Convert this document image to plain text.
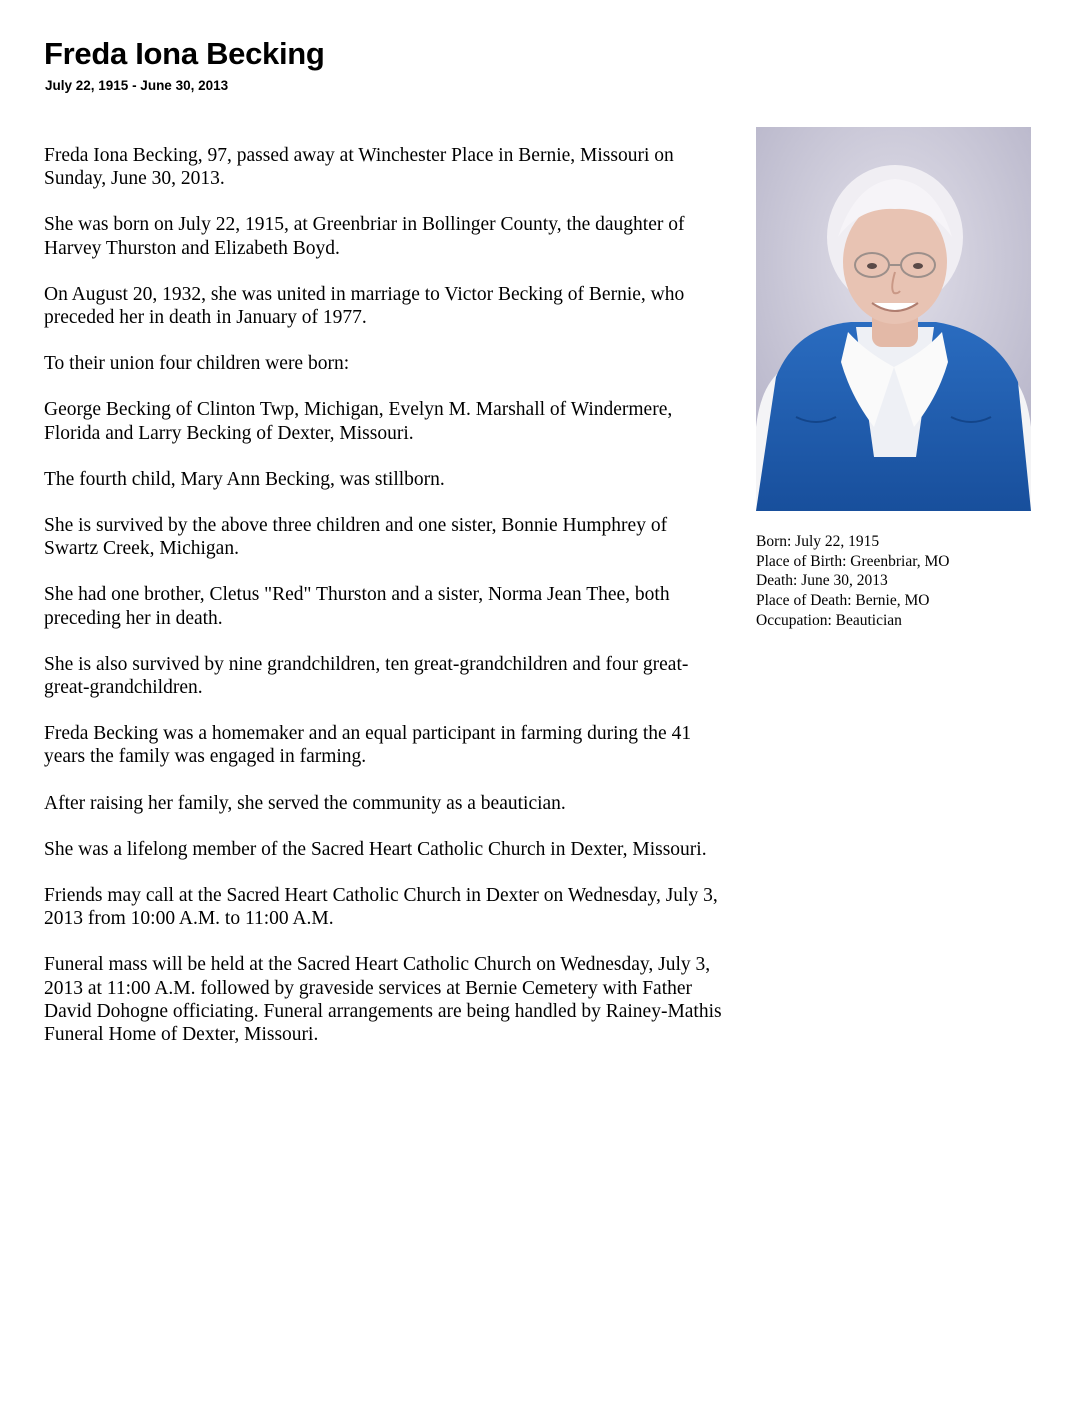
Freda Iona Becking
July 22, 1915 - June 30, 2013

Freda Iona Becking, 97, passed away at Winchester Place in Bernie, Missouri on Sunday, June 30, 2013.

She was born on July 22, 1915, at Greenbriar in Bollinger County, the daughter of Harvey Thurston and Elizabeth Boyd.

On August 20, 1932, she was united in marriage to Victor Becking of Bernie, who preceded her in death in January of 1977.

To their union four children were born:

George Becking of Clinton Twp, Michigan, Evelyn M. Marshall of Windermere, Florida and Larry Becking of Dexter, Missouri.

The fourth child, Mary Ann Becking, was stillborn.

She is survived by the above three children and one sister, Bonnie Humphrey of Swartz Creek, Michigan.

She had one brother, Cletus "Red" Thurston and a sister, Norma Jean Thee, both preceding her in death.

She is also survived by nine grandchildren, ten great-grandchildren and four great-great-grandchildren.

Freda Becking was a homemaker and an equal participant in farming during the 41 years the family was engaged in farming.

After raising her family, she served the community as a beautician.

She was a lifelong member of the Sacred Heart Catholic Church in Dexter, Missouri.

Friends may call at the Sacred Heart Catholic Church in Dexter on Wednesday, July 3, 2013 from 10:00 A.M. to 11:00 A.M.

Funeral mass will be held at the Sacred Heart Catholic Church on Wednesday, July 3, 2013 at 11:00 A.M. followed by graveside services at Bernie Cemetery with Father David Dohogne officiating. Funeral arrangements are being handled by Rainey-Mathis Funeral Home of Dexter, Missouri.

Born: July 22, 1915
Place of Birth: Greenbriar, MO
Death: June 30, 2013
Place of Death: Bernie, MO
Occupation: Beautician
